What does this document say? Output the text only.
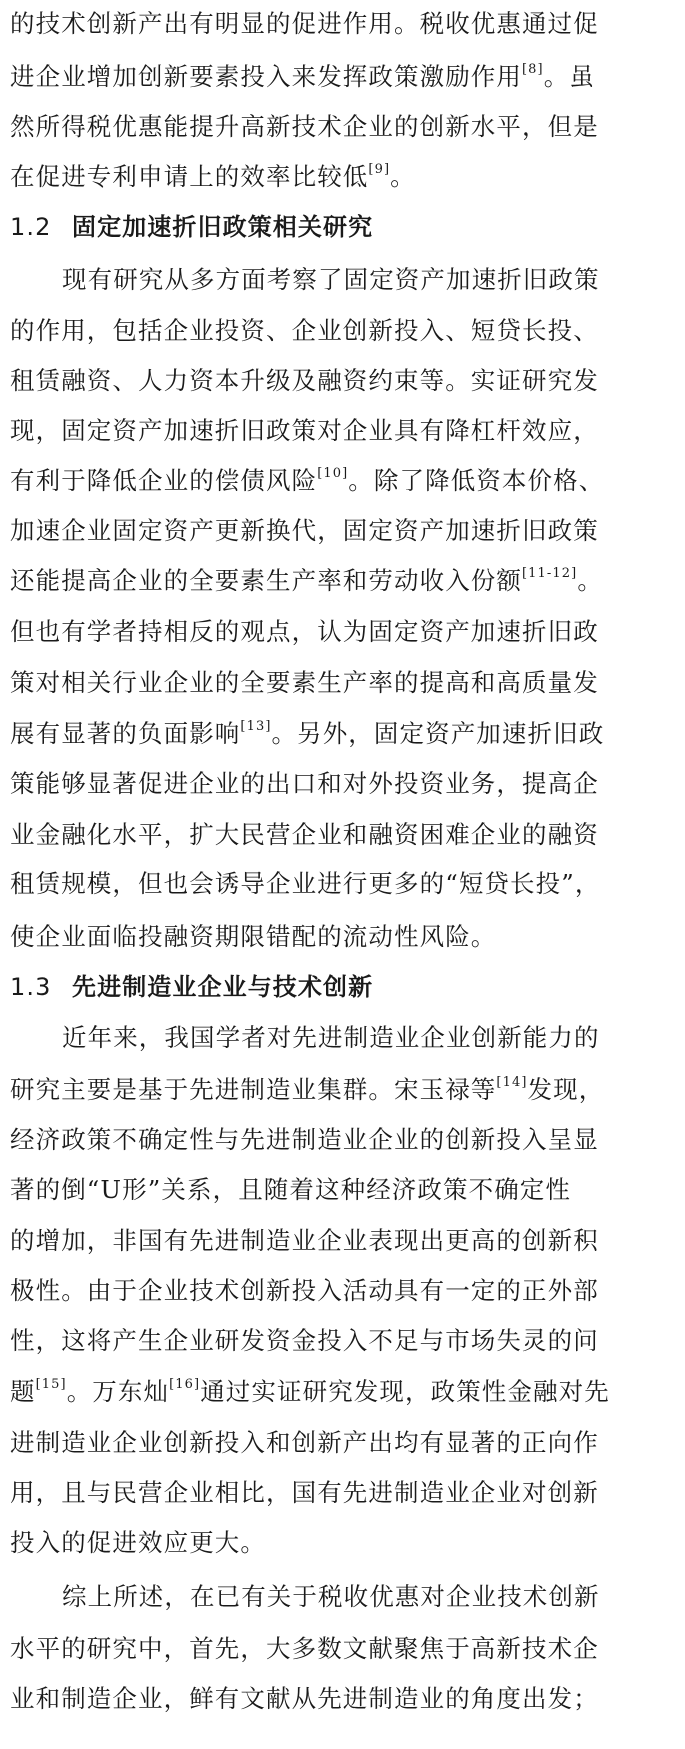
的技术创新产出有明显的促进作用。税收优惠通过促
进企业增加创新要素投入来发挥政策激励作用[8]。虽
然所得税优惠能提升高新技术企业的创新水平，但是
在促进专利申请上的效率比较低[9]。
1.2 固定加速折旧政策相关研究
现有研究从多方面考察了固定资产加速折旧政策
的作用，包括企业投资、企业创新投入、短贷长投、
租赁融资、人力资本升级及融资约束等。实证研究发
现，固定资产加速折旧政策对企业具有降杠杆效应，
有利于降低企业的偿债风险[10]。除了降低资本价格、
加速企业固定资产更新换代，固定资产加速折旧政策
还能提高企业的全要素生产率和劳动收入份额[11-12]。
但也有学者持相反的观点，认为固定资产加速折旧政
策对相关行业企业的全要素生产率的提高和高质量发
展有显著的负面影响[13]。另外，固定资产加速折旧政
策能够显著促进企业的出口和对外投资业务，提高企
业金融化水平，扩大民营企业和融资困难企业的融资
租赁规模，但也会诱导企业进行更多的“短贷长投”，
使企业面临投融资期限错配的流动性风险。
1.3 先进制造业企业与技术创新
近年来，我国学者对先进制造业企业创新能力的
研究主要是基于先进制造业集群。宋玉禄等[14]发现，
经济政策不确定性与先进制造业企业的创新投入呈显
著的倒“U形”关系，且随着这种经济政策不确定性
的增加，非国有先进制造业企业表现出更高的创新积
极性。由于企业技术创新投入活动具有一定的正外部
性，这将产生企业研发资金投入不足与市场失灵的问
题[15]。万东灿[16]通过实证研究发现，政策性金融对先
进制造业企业创新投入和创新产出均有显著的正向作
用，且与民营企业相比，国有先进制造业企业对创新
投入的促进效应更大。
综上所述，在已有关于税收优惠对企业技术创新
水平的研究中，首先，大多数文献聚焦于高新技术企
业和制造企业，鲜有文献从先进制造业的角度出发；
